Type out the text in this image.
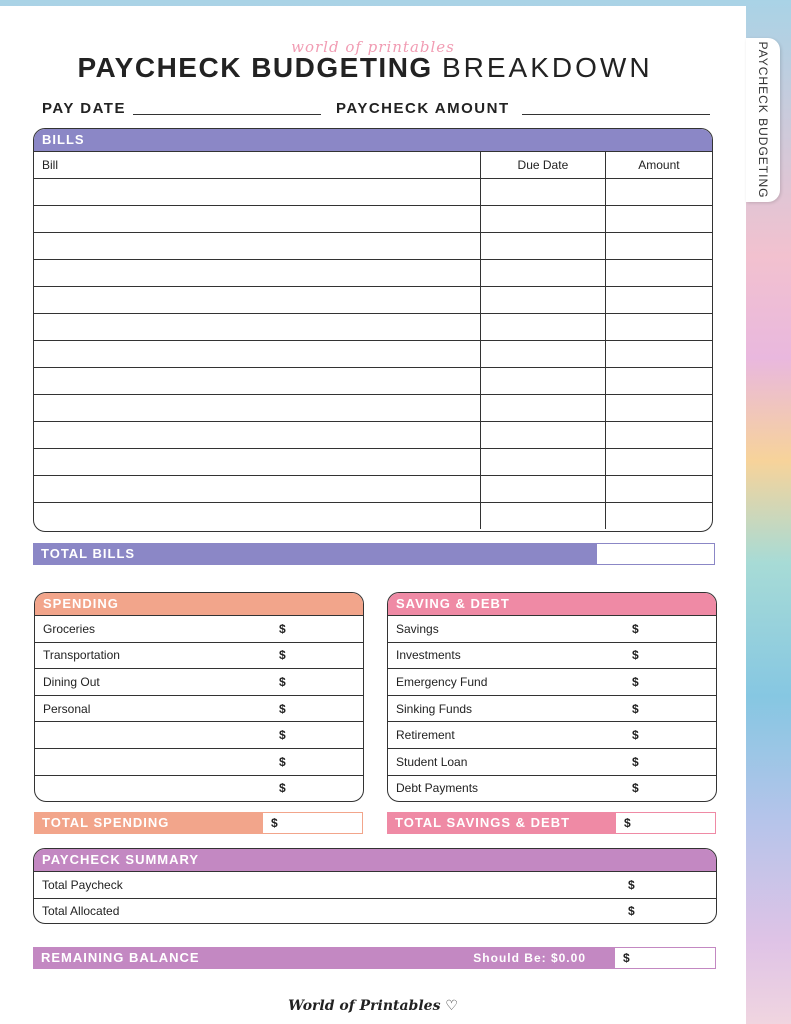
world of printables
PAYCHECK BUDGETING BREAKDOWN
PAY DATE	PAYCHECK AMOUNT
BILLS
Bill	Due Date	Amount

TOTAL BILLS
SPENDING
Groceries	$
Transportation	$
Dining Out	$
Personal	$
	$
	$
	$
SAVING & DEBT
Savings	$
Investments	$
Emergency Fund	$
Sinking Funds	$
Retirement	$
Student Loan	$
Debt Payments	$
TOTAL SPENDING	$	TOTAL SAVINGS & DEBT	$
PAYCHECK SUMMARY
Total Paycheck	$
Total Allocated	$
REMAINING BALANCE	Should Be: $0.00	$
World of Printables ♡
PAYCHECK BUDGETING
